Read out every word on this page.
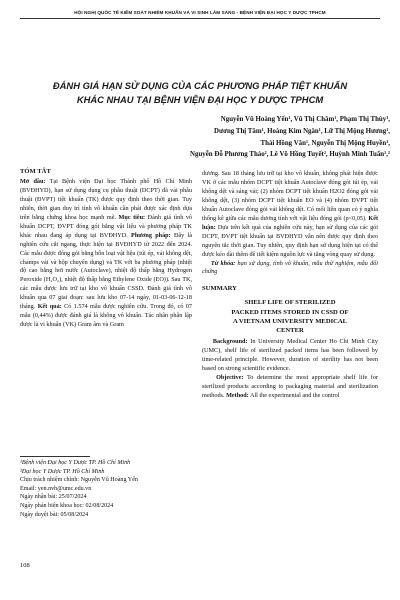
HỘI NGHỊ QUỐC TẾ KIỂM SOÁT NHIỄM KHUẨN VÀ VI SINH LÂM SÀNG - BỆNH VIỆN ĐẠI HỌC Y DƯỢC TPHCM
ĐÁNH GIÁ HẠN SỬ DỤNG CỦA CÁC PHƯƠNG PHÁP TIỆT KHUẨN
KHÁC NHAU TẠI BỆNH VIỆN ĐẠI HỌC Y DƯỢC TPHCM
Nguyễn Vũ Hoàng Yến¹, Vũ Thị Châm¹, Phạm Thị Thùy¹,
Dương Thị Tâm¹, Hoàng Kim Ngân¹, Lữ Thị Mộng Hương¹,
Thái Hồng Vân¹, Nguyễn Thị Mộng Huyền¹,
Nguyễn Đỗ Phương Thảo², Lê Võ Hồng Tuyết², Huỳnh Minh Tuấn¹,²
TÓM TẮT

Mở đầu: Tại Bệnh viện Đại học Thành phố Hồ Chí Minh (BVĐHYD), hạn sử dụng dụng cụ phẫu thuật (DCPT) đã vải phẫu thuật (ĐVPT) tiệt khuẩn (TK) được quy định theo thời gian. Tuy nhiên, thời gian duy trì tình vô khuẩn cần phải được xác định dựa trên bằng chứng khoa học mạnh mẽ. Mục tiêu: Đánh giá tình vô khuẩn DCPT, ĐVPT đóng gói bằng vật liệu và phương pháp TK khác nhau đang áp dụng tại BVĐHYD. Phương pháp: Đây là nghiên cứu cắt ngang, thực hiện tại BVĐHYD từ 2022 đến 2024. Các mẫu được đóng gói bằng bốn loại vật liệu (túi ép, vải không dệt, champs vải và hộp chuyên dụng) và TK với ba phương pháp (nhiệt độ cao bằng hơi nước (Autoclave), nhiệt độ thấp bằng Hydrogen Peroxide (H₂O₂), nhiệt độ thấp bằng Ethylene Oxide (EO)). Sau TK, các mẫu được lưu trữ tại kho vô khuẩn CSSD. Đánh giá tình vô khuẩn qua 07 giai đoạn: sau lưu kho 07-14 ngày, 01-03-06-12-18 tháng. Kết quả: Có 1.574 mẫu được nghiên cứu. Trong đó, có 07 mẫu (0,44%) được đánh giá là không vô khuẩn. Tác nhân phân lập được là vi khuẩn (VK) Gram âm và Gram

¹Bệnh viện Đại học Y Dược TP. Hồ Chí Minh
²Đại học Y Dược TP. Hồ Chí Minh
Chịu trách nhiệm chính: Nguyễn Vũ Hoàng Yến
Email: yen.nvh@umc.edu.vn
Ngày nhận bài: 25/07/2024
Ngày phản biện khoa học: 02/08/2024
Ngày duyệt bài: 05/08/2024
108

dương. Sau 18 tháng lưu trữ tại kho vô khuẩn, không phát hiện được VK ở các mẫu nhóm DCPT tiệt khuẩn Autoclave đóng gói túi ép, vải không dệt và sáng vải; (2) nhóm DCPT tiệt khuẩn H2O2 đóng gói vải không dệt, (3) nhóm DCPT tiệt khuẩn EO và (4) nhóm ĐVPT tiệt khuẩn Autoclave đóng gói vải không dệt. Có mối liên quan có ý nghĩa thống kê giữa các mẫu dương tính với vật liệu đóng gói (p<0,05). Kết luận: Dựa trên kết quả của nghiên cứu này, hạn sử dụng của các gói DCPT, ĐVPT tiệt khuẩn tại BVĐHYD vẫn nên được quy định theo nguyên tắc thời gian. Tuy nhiên, quy định hạn sử dụng hiện tại có thể được kéo dài thêm để tiết kiệm nguồn lực và tăng vòng quay sử dụng.

Từ khóa: hạn sử dụng, tình vô khuẩn, mẫu thử nghiệm, mẫu đối chứng

SUMMARY
SHELF LIFE OF STERILIZED
PACKED ITEMS STORED IN CSSD OF
A VIETNAM UNIVERSITY MEDICAL
CENTER

Background: In University Medical Center Ho Chi Minh City (UMC), shelf life of sterilized packed items has been followed by time-related principle. However, duration of sterility has not been based on strong scientific evidence.

Objective: To determine the most appropriate shelf life for sterilized products according to packaging material and sterilization methods. Method: All the experimental and the control
